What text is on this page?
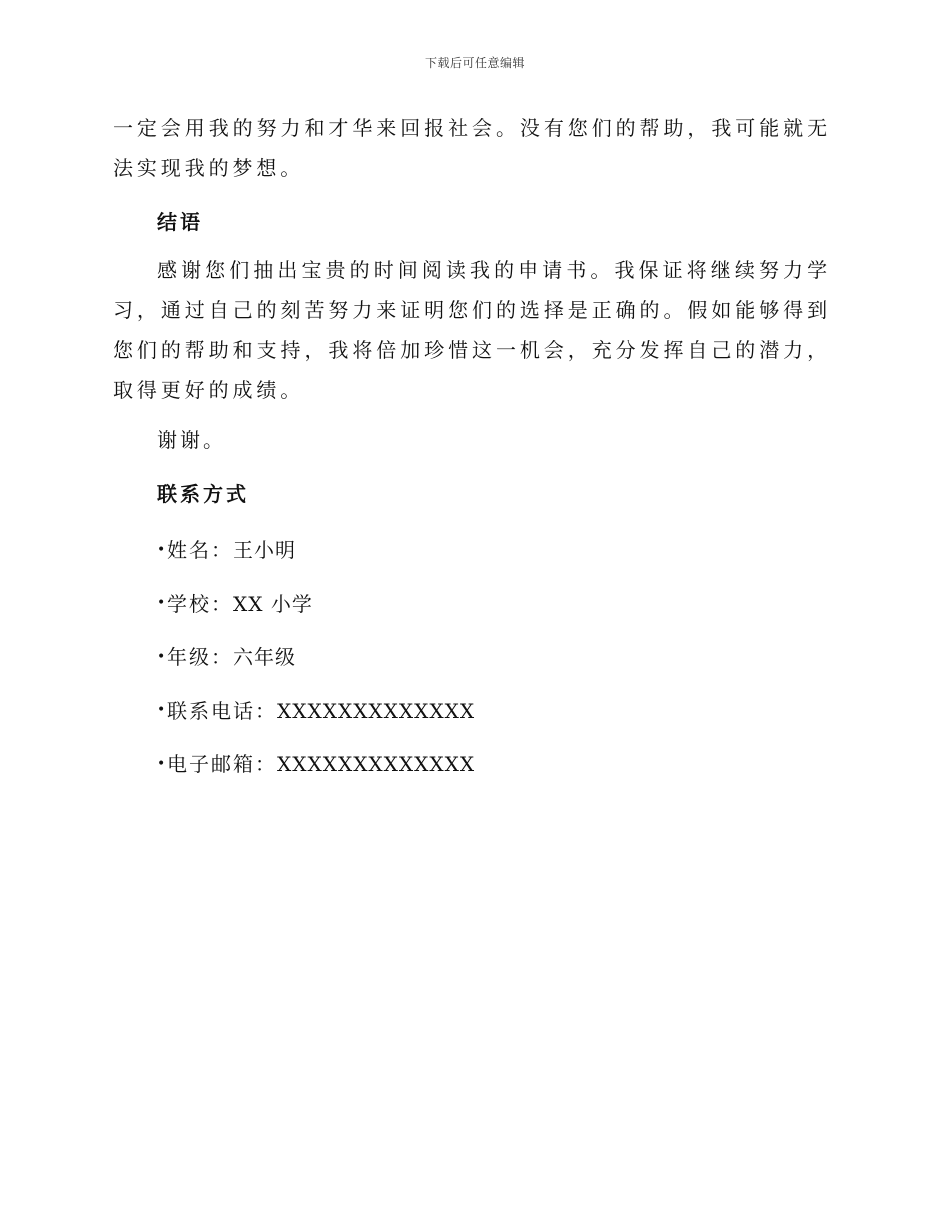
下载后可任意编辑

一定会用我的努力和才华来回报社会。没有您们的帮助，我可能就无法实现我的梦想。

结语

感谢您们抽出宝贵的时间阅读我的申请书。我保证将继续努力学习，通过自己的刻苦努力来证明您们的选择是正确的。假如能够得到您们的帮助和支持，我将倍加珍惜这一机会，充分发挥自己的潜力，取得更好的成绩。

谢谢。

联系方式
•姓名：王小明
•学校：XX 小学
•年级：六年级
•联系电话：XXXXXXXXXXXXX
•电子邮箱：XXXXXXXXXXXXX
